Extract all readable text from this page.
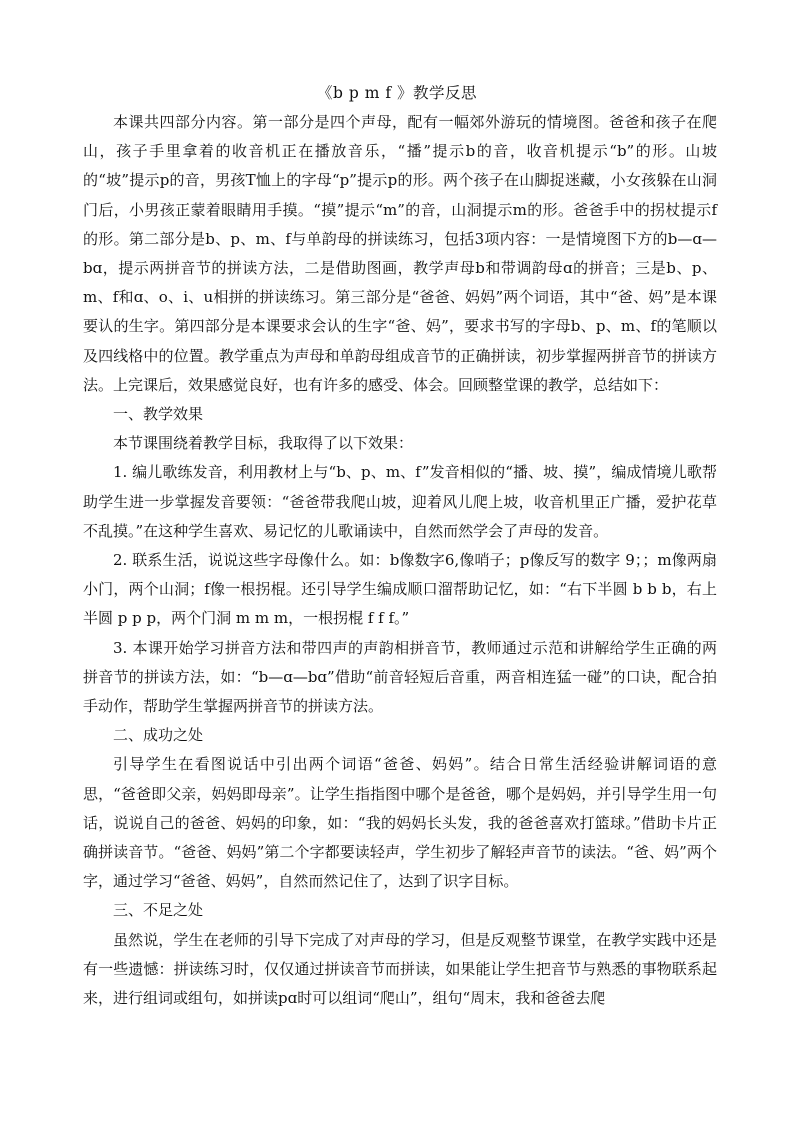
《b p m f 》教学反思

本课共四部分内容。第一部分是四个声母，配有一幅郊外游玩的情境图。爸爸和孩子在爬山，孩子手里拿着的收音机正在播放音乐，“播”提示b的音，收音机提示“b”的形。山坡的“坡”提示p的音，男孩T恤上的字母“p”提示p的形。两个孩子在山脚捉迷藏，小女孩躲在山洞门后，小男孩正蒙着眼睛用手摸。“摸”提示“m”的音，山洞提示m的形。爸爸手中的拐杖提示f的形。第二部分是b、p、m、f与单韵母的拼读练习，包括3项内容：一是情境图下方的b—ɑ—bɑ，提示两拼音节的拼读方法，二是借助图画，教学声母b和带调韵母ɑ的拼音；三是b、p、m、f和ɑ、o、i、u相拼的拼读练习。第三部分是“爸爸、妈妈”两个词语，其中“爸、妈”是本课要认的生字。第四部分是本课要求会认的生字“爸、妈”，要求书写的字母b、p、m、f的笔顺以及四线格中的位置。教学重点为声母和单韵母组成音节的正确拼读，初步掌握两拼音节的拼读方法。上完课后，效果感觉良好，也有许多的感受、体会。回顾整堂课的教学，总结如下：

一、教学效果

本节课围绕着教学目标，我取得了以下效果：

1. 编儿歌练发音，利用教材上与“b、p、m、f”发音相似的“播、坡、摸”，编成情境儿歌帮助学生进一步掌握发音要领：“爸爸带我爬山坡，迎着风儿爬上坡，收音机里正广播，爱护花草不乱摸。”在这种学生喜欢、易记忆的儿歌诵读中，自然而然学会了声母的发音。

2. 联系生活，说说这些字母像什么。如：b像数字6,像哨子；p像反写的数字 9；；m像两扇小门，两个山洞；f像一根拐棍。还引导学生编成顺口溜帮助记忆，如：“右下半圆 b b b，右上半圆 p p p，两个门洞 m m m，一根拐棍 f f f。”

3. 本课开始学习拼音方法和带四声的声韵相拼音节，教师通过示范和讲解给学生正确的两拼音节的拼读方法，如：“b—ɑ—bɑ”借助“前音轻短后音重，两音相连猛一碰”的口诀，配合拍手动作，帮助学生掌握两拼音节的拼读方法。

二、成功之处

引导学生在看图说话中引出两个词语“爸爸、妈妈”。结合日常生活经验讲解词语的意思，“爸爸即父亲，妈妈即母亲”。让学生指指图中哪个是爸爸，哪个是妈妈，并引导学生用一句话，说说自己的爸爸、妈妈的印象，如：“我的妈妈长头发，我的爸爸喜欢打篮球。”借助卡片正确拼读音节。“爸爸、妈妈”第二个字都要读轻声，学生初步了解轻声音节的读法。“爸、妈”两个字，通过学习“爸爸、妈妈”，自然而然记住了，达到了识字目标。

三、不足之处

虽然说，学生在老师的引导下完成了对声母的学习，但是反观整节课堂，在教学实践中还是有一些遗憾：拼读练习时，仅仅通过拼读音节而拼读，如果能让学生把音节与熟悉的事物联系起来，进行组词或组句，如拼读pɑ时可以组词“爬山”，组句“周末，我和爸爸去爬
